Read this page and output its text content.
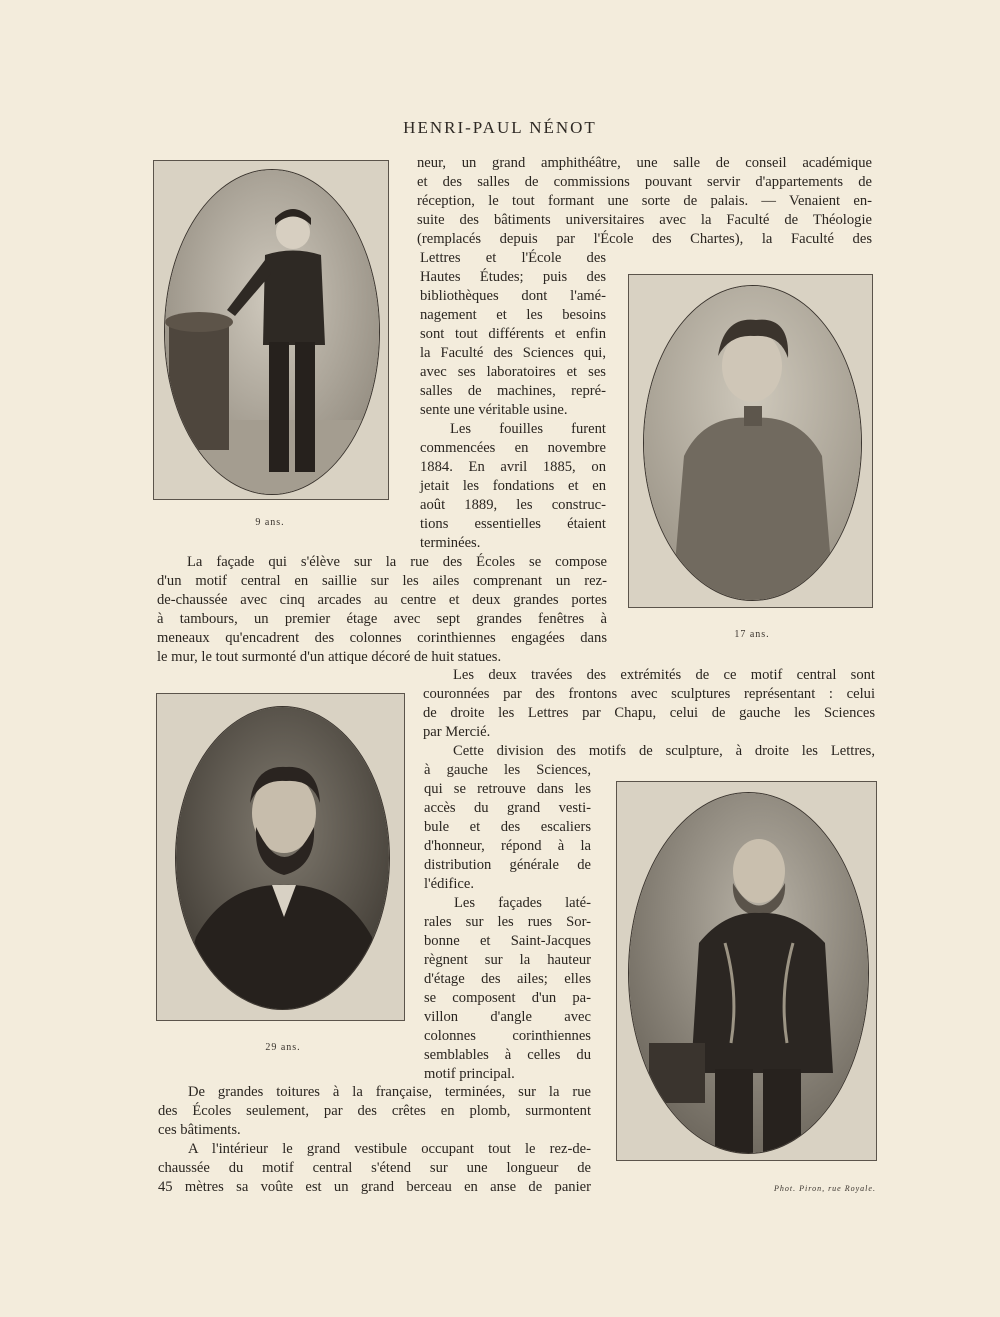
HENRI-PAUL NÉNOT
9 ans.
17 ans.
29 ans.
Phot. Piron, rue Royale.
neur, un grand amphithéâtre, une salle de conseil académique
et des salles de commissions pouvant servir d'appartements de
réception, le tout formant une sorte de palais. — Venaient en-
suite des bâtiments universitaires avec la Faculté de Théologie
(remplacés depuis par l'École des Chartes), la Faculté des
Lettres et l'École des
Hautes Études; puis des
bibliothèques dont l'amé-
nagement et les besoins
sont tout différents et enfin
la Faculté des Sciences qui,
avec ses laboratoires et ses
salles de machines, repré-
sente une véritable usine.
Les fouilles furent
commencées en novembre
1884. En avril 1885, on
jetait les fondations et en
août 1889, les construc-
tions essentielles étaient
terminées.
La façade qui s'élève sur la rue des Écoles se compose
d'un motif central en saillie sur les ailes comprenant un rez-
de-chaussée avec cinq arcades au centre et deux grandes portes
à tambours, un premier étage avec sept grandes fenêtres à
meneaux qu'encadrent des colonnes corinthiennes engagées dans
le mur, le tout surmonté d'un attique décoré de huit statues.
Les deux travées des extrémités de ce motif central sont
couronnées par des frontons avec sculptures représentant : celui
de droite les Lettres par Chapu, celui de gauche les Sciences
par Mercié.
Cette division des motifs de sculpture, à droite les Lettres,
à gauche les Sciences,
qui se retrouve dans les
accès du grand vesti-
bule et des escaliers
d'honneur, répond à la
distribution générale de
l'édifice.
Les façades laté-
rales sur les rues Sor-
bonne et Saint-Jacques
règnent sur la hauteur
d'étage des ailes; elles
se composent d'un pa-
villon d'angle avec
colonnes corinthiennes
semblables à celles du
motif principal.
De grandes toitures à la française, terminées, sur la rue
des Écoles seulement, par des crêtes en plomb, surmontent
ces bâtiments.
A l'intérieur le grand vestibule occupant tout le rez-de-
chaussée du motif central s'étend sur une longueur de
45 mètres sa voûte est un grand berceau en anse de panier
